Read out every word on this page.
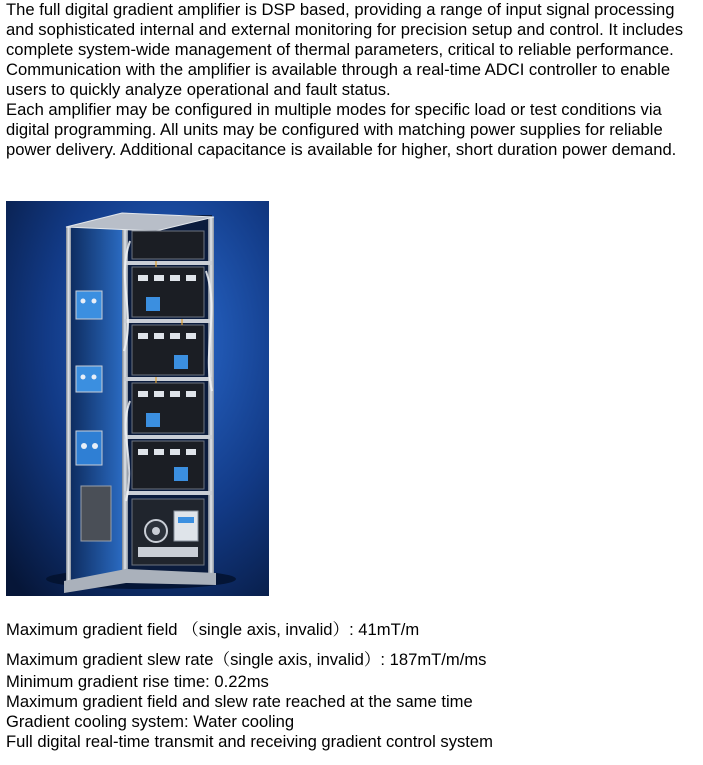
The full digital gradient amplifier is DSP based, providing a range of input signal processing and sophisticated internal and external monitoring for precision setup and control. It includes complete system-wide management of thermal parameters, critical to reliable performance.

Communication with the amplifier is available through a real-time ADCI controller to enable users to quickly analyze operational and fault status.

Each amplifier may be configured in multiple modes for specific load or test conditions via digital programming. All units may be configured with matching power supplies for reliable power delivery. Additional capacitance is available for higher, short duration power demand.

Maximum gradient field （single axis, invalid）: 41mT/m
Maximum gradient slew rate（single axis, invalid）: 187mT/m/ms
Minimum gradient rise time: 0.22ms
Maximum gradient field and slew rate reached at the same time
Gradient cooling system: Water cooling
Full digital real-time transmit and receiving gradient control system
